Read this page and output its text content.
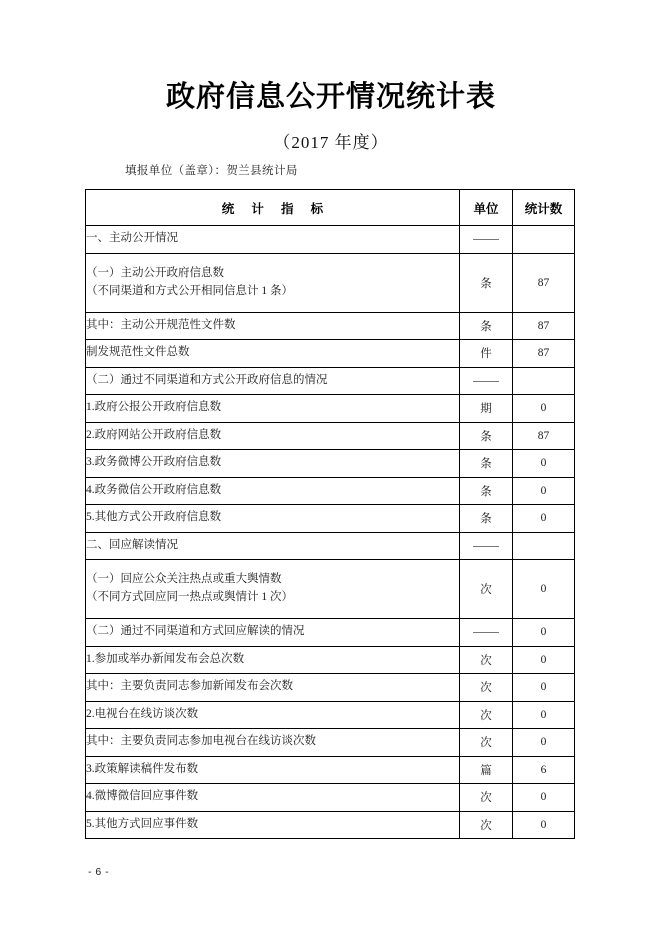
政府信息公开情况统计表
（2017 年度）
填报单位（盖章）：贺兰县统计局
统 计 指 标	单位	统计数

一、主动公开情况		

（一）主动公开政府信息数
（不同渠道和方式公开相同信息计 1 条）	条	87

其中：主动公开规范性文件数	条	87

制发规范性文件总数	件	87

（二）通过不同渠道和方式公开政府信息的情况		

1.政府公报公开政府信息数	期	0

2.政府网站公开政府信息数	条	87

3.政务微博公开政府信息数	条	0

4.政务微信公开政府信息数	条	0

5.其他方式公开政府信息数	条	0

二、回应解读情况		

（一）回应公众关注热点或重大舆情数
（不同方式回应同一热点或舆情计 1 次）	次	0

（二）通过不同渠道和方式回应解读的情况		0

1.参加或举办新闻发布会总次数	次	0

其中：主要负责同志参加新闻发布会次数	次	0

2.电视台在线访谈次数	次	0

其中：主要负责同志参加电视台在线访谈次数	次	0

3.政策解读稿件发布数	篇	6

4.微博微信回应事件数	次	0

5.其他方式回应事件数	次	0
- 6 -
